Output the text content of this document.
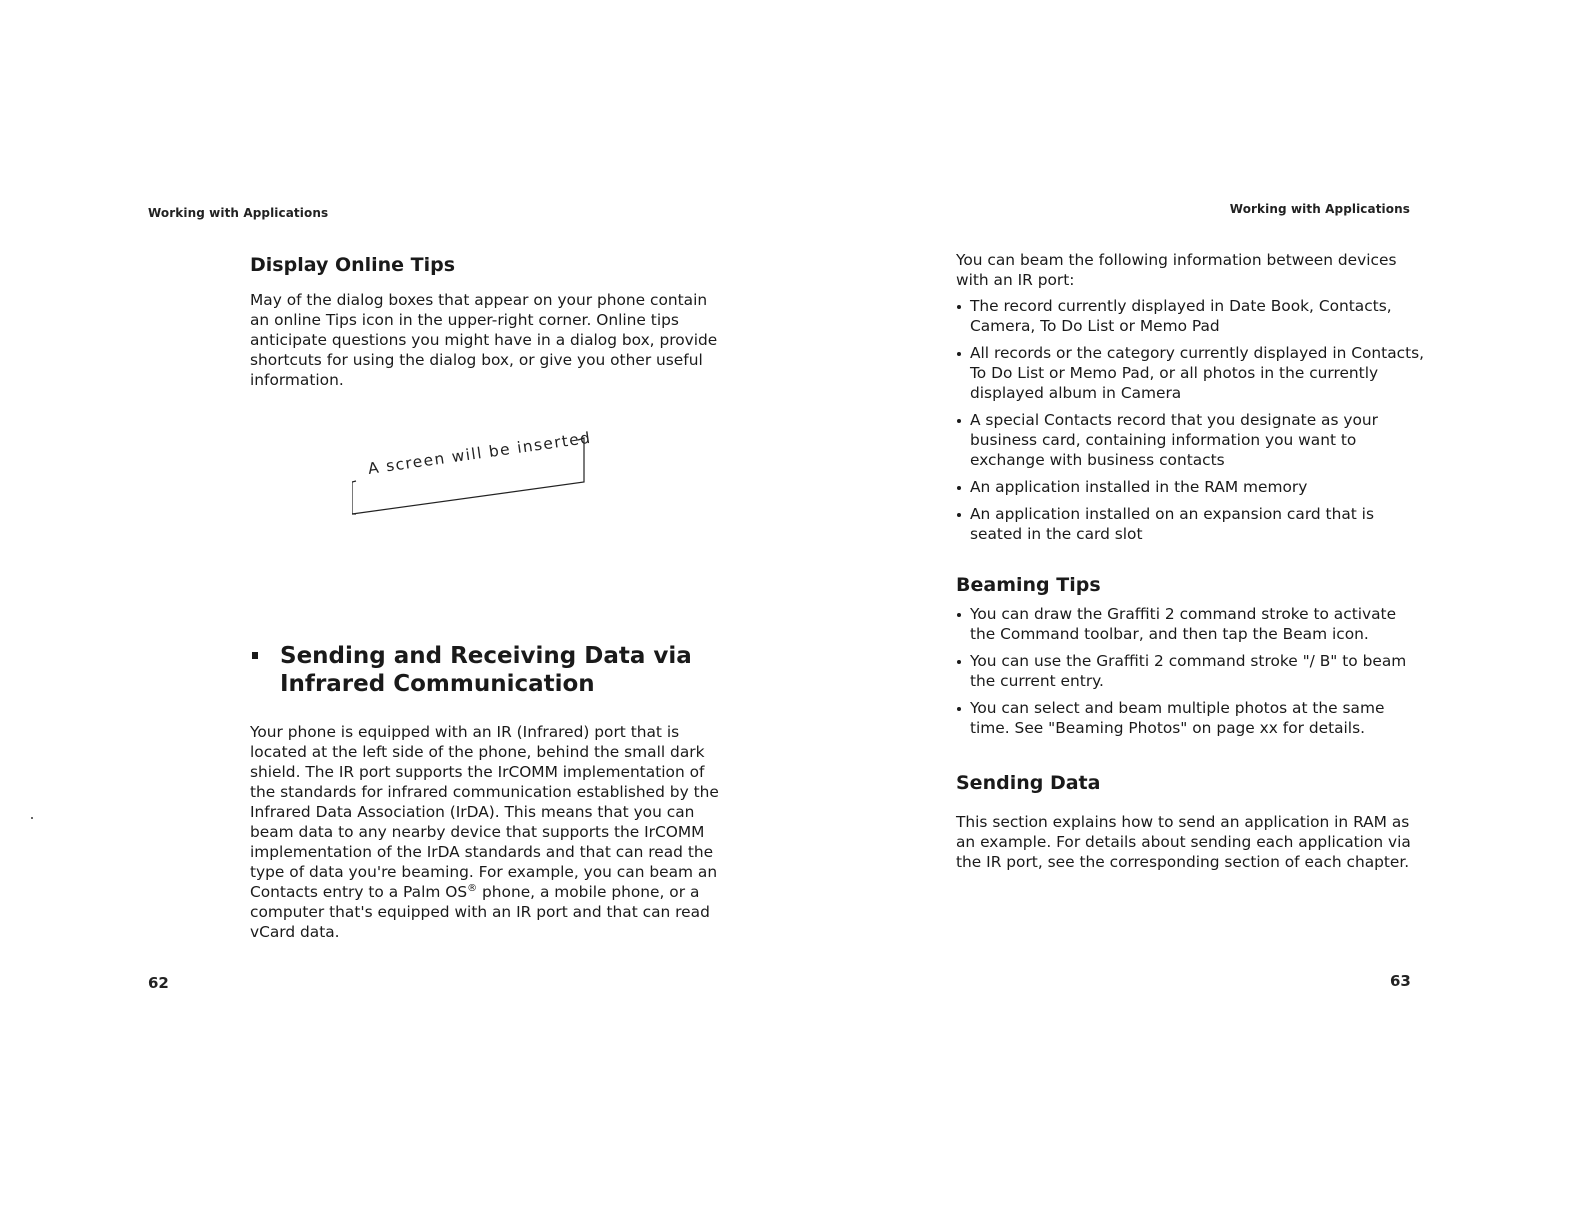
Working with Applications	Working with Applications
Display Online Tips

May of the dialog boxes that appear on your phone contain an online Tips icon in the upper-right corner. Online tips anticipate questions you might have in a dialog box, provide shortcuts for using the dialog box, or give you other useful information.

A screen will be inserted
Sending and Receiving Data via Infrared Communication

Your phone is equipped with an IR (Infrared) port that is located at the left side of the phone, behind the small dark shield. The IR port supports the IrCOMM implementation of the standards for infrared communication established by the Infrared Data Association (IrDA). This means that you can beam data to any nearby device that supports the IrCOMM implementation of the IrDA standards and that can read the type of data you're beaming. For example, you can beam an Contacts entry to a Palm OS® phone, a mobile phone, or a computer that's equipped with an IR port and that can read vCard data.

62

You can beam the following information between devices with an IR port:

The record currently displayed in Date Book, Contacts, Camera, To Do List or Memo Pad
All records or the category currently displayed in Contacts, To Do List or Memo Pad, or all photos in the currently displayed album in Camera
A special Contacts record that you designate as your business card, containing information you want to exchange with business contacts
An application installed in the RAM memory
An application installed on an expansion card that is seated in the card slot
Beaming Tips
You can draw the Graffiti 2 command stroke to activate the Command toolbar, and then tap the Beam icon.
You can use the Graffiti 2 command stroke "/ B" to beam the current entry.
You can select and beam multiple photos at the same time. See "Beaming Photos" on page xx for details.
Sending Data

This section explains how to send an application in RAM as an example. For details about sending each application via the IR port, see the corresponding section of each chapter.

63
